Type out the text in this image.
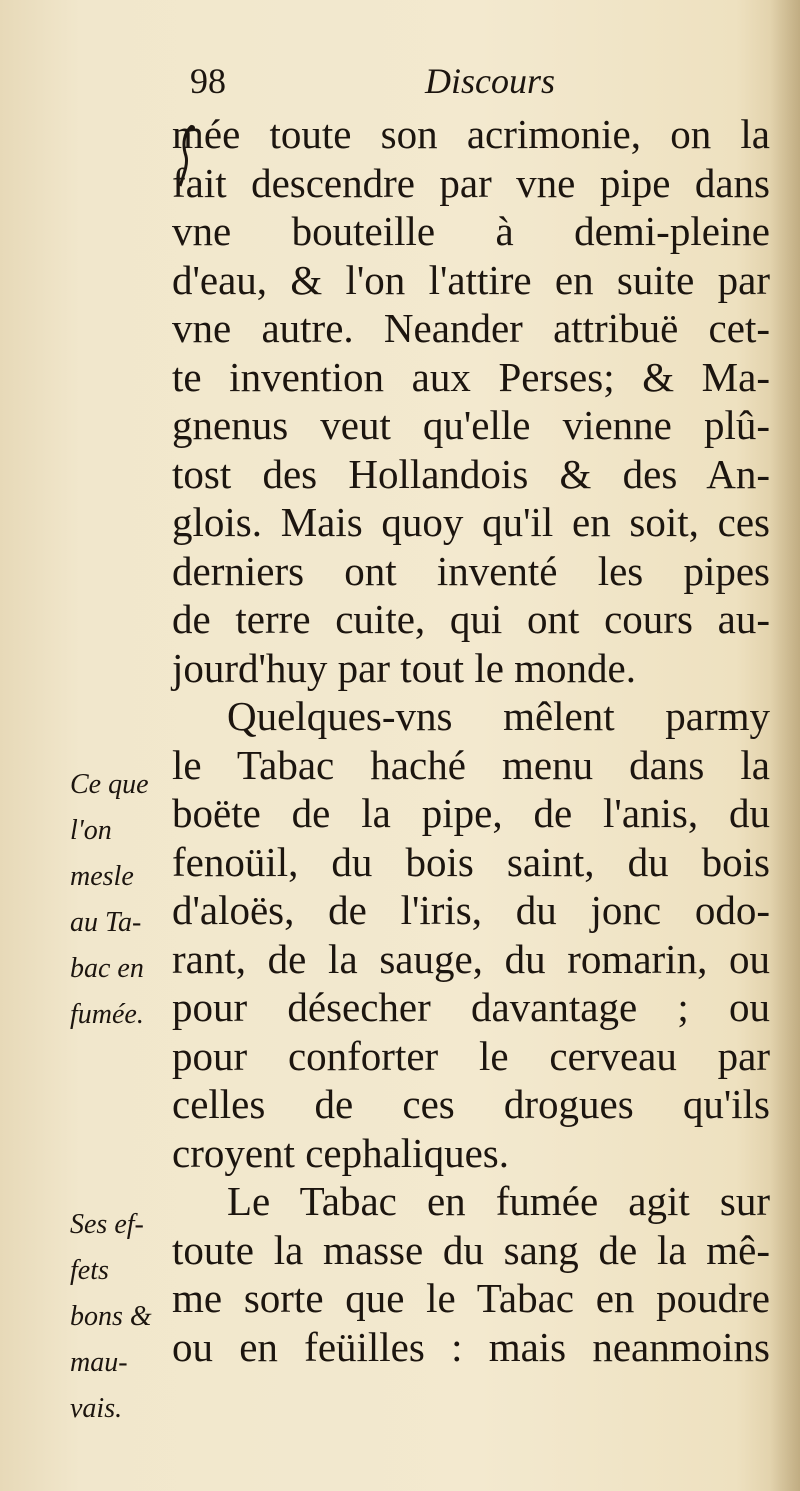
98	Discours
mée toute son acrimonie, on la
fait descendre par vne pipe dans
vne bouteille à demi-pleine
d'eau, & l'on l'attire en suite par
vne autre. Neander attribuë cet-
te invention aux Perses; & Ma-
gnenus veut qu'elle vienne plû-
tost des Hollandois & des An-
glois. Mais quoy qu'il en soit, ces
derniers ont inventé les pipes
de terre cuite, qui ont cours au-
jourd'huy par tout le monde.
Quelques-vns mêlent parmy
le Tabac haché menu dans la
boëte de la pipe, de l'anis, du
fenoüil, du bois saint, du bois
d'aloës, de l'iris, du jonc odo-
rant, de la sauge, du romarin, ou
pour désecher davantage ; ou
pour conforter le cerveau par
celles de ces drogues qu'ils
croyent cephaliques.
Le Tabac en fumée agit sur
toute la masse du sang de la mê-
me sorte que le Tabac en poudre
ou en feüilles : mais neanmoins
Ce que
l'on
mesle
au Ta-
bac en
fumée.
Ses ef-
fets
bons &
mau-
vais.
